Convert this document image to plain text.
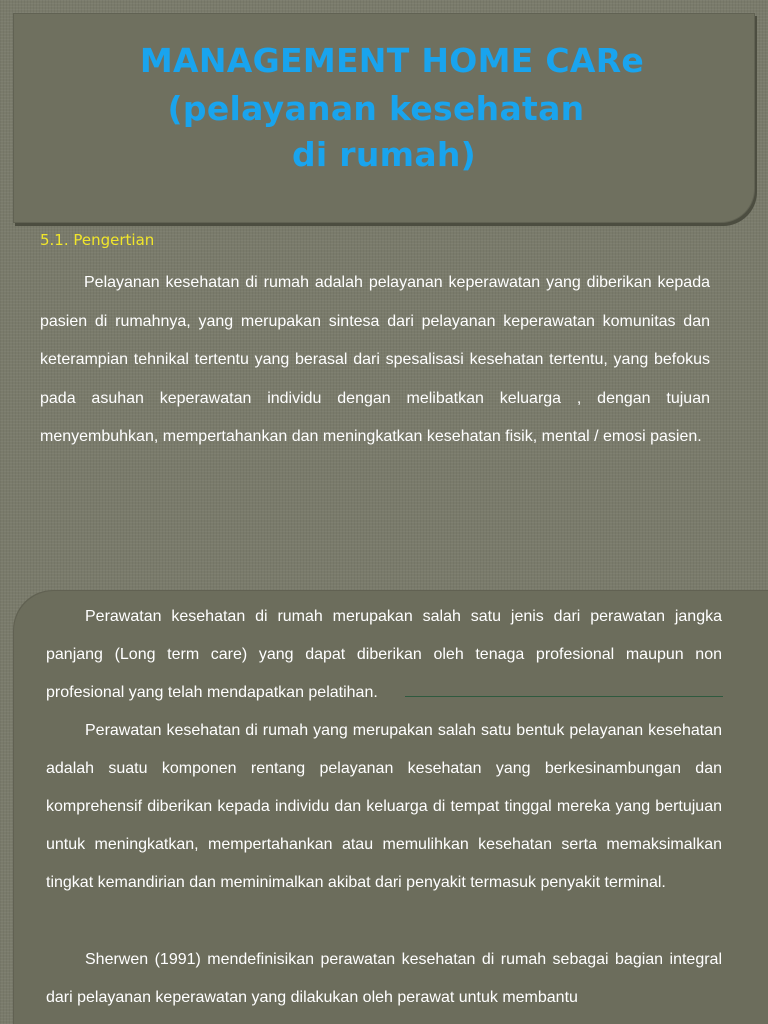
MANAGEMENT HOME CARe
(pelayanan kesehatan
di rumah)
5.1. Pengertian

Pelayanan kesehatan di rumah adalah pelayanan keperawatan yang diberikan kepada pasien di rumahnya, yang merupakan sintesa dari pelayanan keperawatan komunitas dan keterampian tehnikal tertentu yang berasal dari spesalisasi kesehatan tertentu, yang befokus pada asuhan keperawatan individu dengan melibatkan keluarga , dengan tujuan menyembuhkan, mempertahankan dan meningkatkan kesehatan fisik, mental / emosi pasien.

Perawatan kesehatan di rumah merupakan salah satu jenis dari perawatan jangka panjang (Long term care) yang dapat diberikan oleh tenaga profesional maupun non profesional yang telah mendapatkan pelatihan.

Perawatan kesehatan di rumah yang merupakan salah satu bentuk pelayanan kesehatan adalah suatu komponen rentang pelayanan kesehatan yang berkesinambungan dan komprehensif diberikan kepada individu dan keluarga di tempat tinggal mereka yang bertujuan untuk meningkatkan, mempertahankan atau memulihkan kesehatan serta memaksimalkan tingkat kemandirian dan meminimalkan akibat dari penyakit termasuk penyakit terminal.

Sherwen (1991) mendefinisikan perawatan kesehatan di rumah sebagai bagian integral dari pelayanan keperawatan yang dilakukan oleh perawat untuk membantu
